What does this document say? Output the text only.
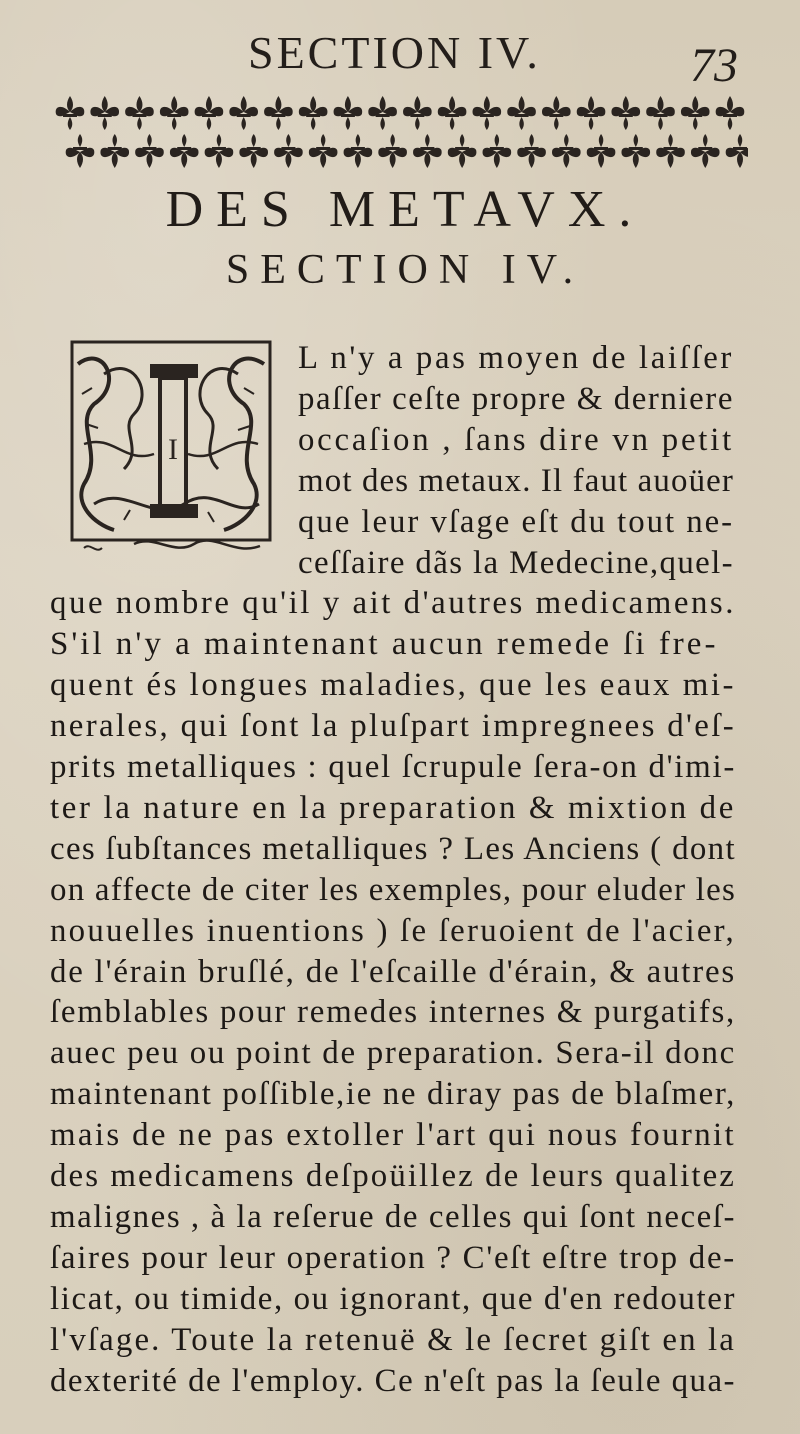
SECTION IV.	73
DES METAVX.
SECTION IV.
I
L n'y a pas moyen de laiſſer
paſſer ceſte propre & derniere
occaſion , ſans dire vn petit
mot des metaux. Il faut auoüer
que leur vſage eſt du tout ne-
ceſſaire dãs la Medecine,quel-
que nombre qu'il y ait d'autres medicamens.
S'il n'y a maintenant aucun remede ſi fre-
quent és longues maladies, que les eaux mi-
nerales, qui ſont la pluſpart impregnees d'eſ-
prits metalliques : quel ſcrupule ſera-on d'imi-
ter la nature en la preparation & mixtion de
ces ſubſtances metalliques ? Les Anciens ( dont
on affecte de citer les exemples, pour eluder les
nouuelles inuentions ) ſe ſeruoient de l'acier,
de l'érain bruſlé, de l'eſcaille d'érain, & autres
ſemblables pour remedes internes & purgatifs,
auec peu ou point de preparation. Sera-il donc
maintenant poſſible,ie ne diray pas de blaſmer,
mais de ne pas extoller l'art qui nous fournit
des medicamens deſpoüillez de leurs qualitez
malignes , à la reſerue de celles qui ſont neceſ-
ſaires pour leur operation ? C'eſt eſtre trop de-
licat, ou timide, ou ignorant, que d'en redouter
l'vſage. Toute la retenuë & le ſecret giſt en la
dexterité de l'employ. Ce n'eſt pas la ſeule qua-
